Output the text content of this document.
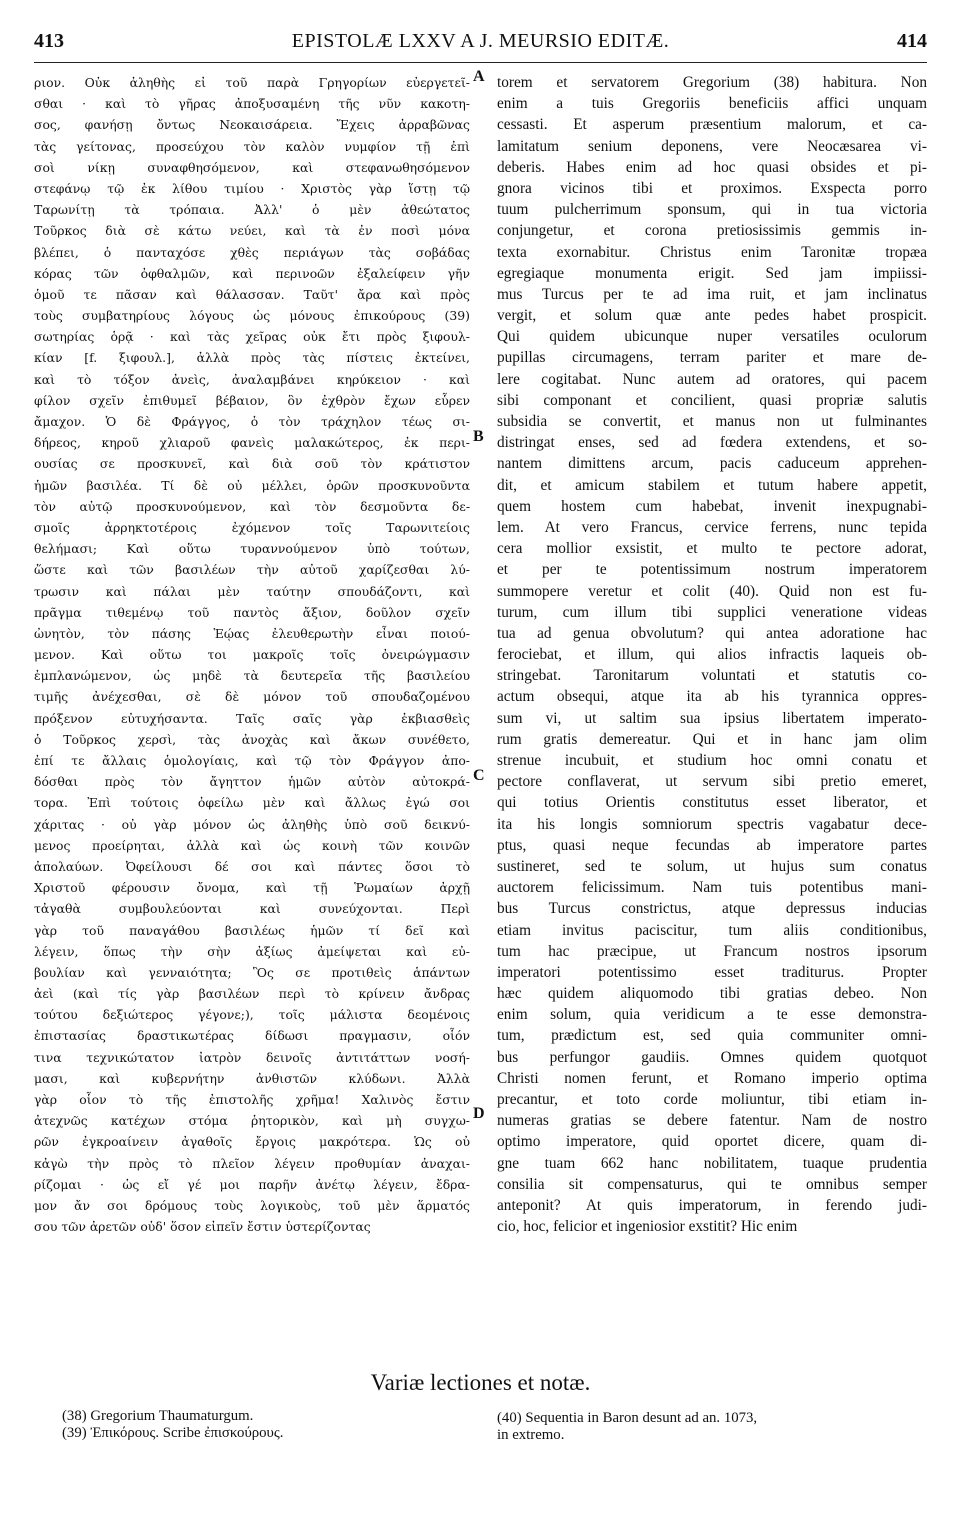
413	EPISTOLÆ LXXV A J. MEURSIO EDITÆ.	414
ριον. Οὐκ ἀληθὴς εἰ τοῦ παρὰ Γρηγορίων εὐεργετεῖ-
σθαι · καὶ τὸ γῆρας ἀποξυσαμένη τῆς νῦν κακοτη-
σος, φανήσῃ ὄντως Νεοκαισάρεια. Ἔχεις ἀρραβῶνας
τὰς γείτονας, προσεύχου τὸν καλὸν νυμφίον τῇ ἐπὶ
σοὶ νίκῃ συναφθησόμενον, καὶ στεφανωθησόμενον
στεφάνῳ τῷ ἐκ λίθου τιμίου · Χριστὸς γὰρ ἵστῃ τῷ
Ταρωνίτῃ τὰ τρόπαια. Ἀλλ' ὁ μὲν ἀθεώτατος
Τοῦρκος διὰ σὲ κάτω νεύει, καὶ τὰ ἐν ποσὶ μόνα
βλέπει, ὁ πανταχόσε χθὲς περιάγων τὰς σοβάδας
κόρας τῶν ὀφθαλμῶν, καὶ περινοῶν ἐξαλείφειν γῆν
ὁμοῦ τε πᾶσαν καὶ θάλασσαν. Ταῦτ' ἄρα καὶ πρὸς
τοὺς συμβατηρίους λόγους ὡς μόνους ἐπικούρους (39)
σωτηρίας ὁρᾷ · καὶ τὰς χεῖρας οὐκ ἔτι πρὸς ξιφουλ-
κίαν [f. ξιφουλ.], ἀλλὰ πρὸς τὰς πίστεις ἐκτείνει,
καὶ τὸ τόξον ἀνεὶς, ἀναλαμβάνει κηρύκειον · καὶ
φίλον σχεῖν ἐπιθυμεῖ βέβαιον, ὃν ἐχθρὸν ἔχων εὗρεν
ἄμαχον. Ὁ δὲ Φράγγος, ὁ τὸν τράχηλον τέως σι-
δήρεος, κηροῦ χλιαροῦ φανεὶς μαλακώτερος, ἐκ περι-
ουσίας σε προσκυνεῖ, καὶ διὰ σοῦ τὸν κράτιστον
ἡμῶν βασιλέα. Τί δὲ οὐ μέλλει, ὁρῶν προσκυνοῦντα
τὸν αὐτῷ προσκυνούμενον, καὶ τὸν δεσμοῦντα δε-
σμοῖς ἀρρηκτοτέροις ἐχόμενον τοῖς Ταρωνιτείοις
θελήμασι; Καὶ οὕτω τυραννούμενον ὑπὸ τούτων,
ὥστε καὶ τῶν βασιλέων τὴν αὐτοῦ χαρίζεσθαι λύ-
τρωσιν καὶ πάλαι μὲν ταύτην σπουδάζοντι, καὶ
πρᾶγμα τιθεμένῳ τοῦ παντὸς ἄξιον, δοῦλον σχεῖν
ὠνητὸν, τὸν πάσης Ἑῴας ἐλευθερωτὴν εἶναι ποιού-
μενον. Καὶ οὕτω τοι μακροῖς τοῖς ὀνειρώγμασιν
ἐμπλανώμενον, ὡς μηδὲ τὰ δευτερεῖα τῆς βασιλείου
τιμῆς ἀνέχεσθαι, σὲ δὲ μόνον τοῦ σπουδαζομένου
πρόξενον εὐτυχήσαντα. Ταῖς σαῖς γὰρ ἐκβιασθεὶς
ὁ Τοῦρκος χερσὶ, τὰς ἀνοχὰς καὶ ἄκων συνέθετο,
ἐπί τε ἄλλαις ὁμολογίαις, καὶ τῷ τὸν Φράγγον ἀπο-
δόσθαι πρὸς τὸν ἄγηττον ἡμῶν αὐτὸν αὐτοκρά-
τορα. Ἐπὶ τούτοις ὀφείλω μὲν καὶ ἄλλως ἐγώ σοι
χάριτας · οὐ γὰρ μόνον ὡς ἀληθὴς ὑπὸ σοῦ δεικνύ-
μενος προείρηται, ἀλλὰ καὶ ὡς κοινὴ τῶν κοινῶν
ἀπολαύων. Ὀφείλουσι δέ σοι καὶ πάντες ὅσοι τὸ
Χριστοῦ φέρουσιν ὄνομα, καὶ τῇ Ῥωμαίων ἀρχῇ
τἀγαθὰ συμβουλεύονται καὶ συνεύχονται. Περὶ
γὰρ τοῦ παναγάθου βασιλέως ἡμῶν τί δεῖ καὶ
λέγειν, ὅπως τὴν σὴν ἀξίως ἀμείψεται καὶ εὐ-
βουλίαν καὶ γενναιότητα; Ὃς σε προτιθεὶς ἁπάντων
ἀεὶ (καὶ τίς γὰρ βασιλέων περὶ τὸ κρίνειν ἄνδρας
τούτου δεξιώτερος γέγονε;), τοῖς μάλιστα δεομένοις
ἐπιστασίας δραστικωτέρας δίδωσι πραγμασιν, οἷόν
τινα τεχνικώτατον ἰατρὸν δεινοῖς ἀντιτάττων νοσή-
μασι, καὶ κυβερνήτην ἀνθιστῶν κλύδωνι. Ἀλλὰ
γὰρ οἷον τὸ τῆς ἐπιστολῆς χρῆμα! Χαλινὸς ἔστιν
ἀτεχνῶς κατέχων στόμα ῥητορικὸν, καὶ μὴ συγχω-
ρῶν ἐγκροαίνειν ἀγαθοῖς ἔργοις μακρότερα. Ὡς οὐ
κἀγὼ τὴν πρὸς τὸ πλεῖον λέγειν προθυμίαν ἀναχαι-
ρίζομαι · ὡς εἴ γέ μοι παρῆν ἀνέτῳ λέγειν, ἔδρα-
μον ἄν σοι δρόμους τοὺς λογικοὺς, τοῦ μὲν ἅρματός
σου τῶν ἀρετῶν οὐδ' ὅσον εἰπεῖν ἔστιν ὑστερίζοντας
torem et servatorem Gregorium (38) habitura. Non
enim a tuis Gregoriis beneficiis affici unquam
cessasti. Et asperum præsentium malorum, et ca-
lamitatum senium deponens, vere Neocæsarea vi-
deberis. Habes enim ad hoc quasi obsides et pi-
gnora vicinos tibi et proximos. Exspecta porro
tuum pulcherrimum sponsum, qui in tua victoria
conjungetur, et corona pretiosissimis gemmis in-
texta exornabitur. Christus enim Taronitæ tropæa
egregiaque monumenta erigit. Sed jam impiissi-
mus Turcus per te ad ima ruit, et jam inclinatus
vergit, et solum quæ ante pedes habet prospicit.
Qui quidem ubicunque nuper versatiles oculorum
pupillas circumagens, terram pariter et mare de-
lere cogitabat. Nunc autem ad oratores, qui pacem
sibi componant et concilient, quasi propriæ salutis
subsidia se convertit, et manus non ut fulminantes
distringat enses, sed ad fœdera extendens, et so-
nantem dimittens arcum, pacis caduceum apprehen-
dit, et amicum stabilem et tutum habere appetit,
quem hostem cum habebat, invenit inexpugnabi-
lem. At vero Francus, cervice ferrens, nunc tepida
cera mollior exsistit, et multo te pectore adorat,
et per te potentissimum nostrum imperatorem
summopere veretur et colit (40). Quid non est fu-
turum, cum illum tibi supplici veneratione videas
tua ad genua obvolutum? qui antea adoratione hac
ferociebat, et illum, qui alios infractis laqueis ob-
stringebat. Taronitarum voluntati et statutis co-
actum obsequi, atque ita ab his tyrannica oppres-
sum vi, ut saltim sua ipsius libertatem imperato-
rum gratis demereatur. Qui et in hanc jam olim
strenue incubuit, et studium hoc omni conatu et
pectore conflaverat, ut servum sibi pretio emeret,
qui totius Orientis constitutus esset liberator, et
ita his longis somniorum spectris vagabatur dece-
ptus, quasi neque fecundas ab imperatore partes
sustineret, sed te solum, ut hujus sum conatus
auctorem felicissimum. Nam tuis potentibus mani-
bus Turcus constrictus, atque depressus inducias
etiam invitus paciscitur, tum aliis conditionibus,
tum hac præcipue, ut Francum nostros ipsorum
imperatori potentissimo esset traditurus. Propter
hæc quidem aliquomodo tibi gratias debeo. Non
enim solum, quia veridicum a te esse demonstra-
tum, prædictum est, sed quia communiter omni-
bus perfungor gaudiis. Omnes quidem quotquot
Christi nomen ferunt, et Romano imperio optima
precantur, et toto corde moliuntur, tibi etiam in-
numeras gratias se debere fatentur. Nam de nostro
optimo imperatore, quid oportet dicere, quam di-
gne tuam 662 hanc nobilitatem, tuaque prudentia
consilia sit compensaturus, qui te omnibus semper
anteponit? At quis imperatorum, in ferendo judi-
cio, hoc, felicior et ingeniosior exstitit? Hic enim
A
B
C
D
Variæ lectiones et notæ.
(38) Gregorium Thaumaturgum.
(39) Ἐπικόρους. Scribe ἐπισκούρους.
(40) Sequentia in Baron desunt ad an. 1073,
in extremo.
